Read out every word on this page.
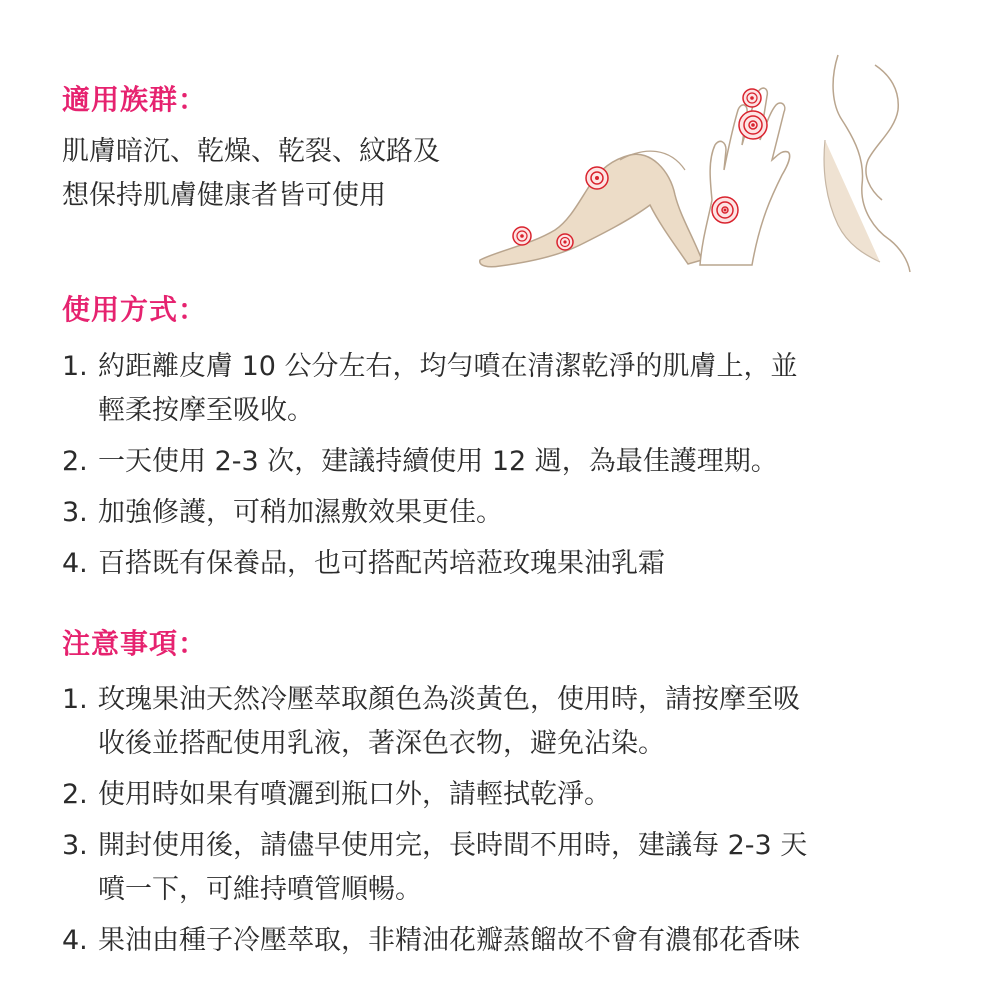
適用族群：
肌膚暗沉、乾燥、乾裂、紋路及
想保持肌膚健康者皆可使用
使用方式：
1. 約距離皮膚 10 公分左右，均勻噴在清潔乾淨的肌膚上，並
輕柔按摩至吸收。
2. 一天使用 2-3 次，建議持續使用 12 週，為最佳護理期。
3. 加強修護，可稍加濕敷效果更佳。
4. 百搭既有保養品，也可搭配芮培蒞玫瑰果油乳霜
注意事項：
1. 玫瑰果油天然冷壓萃取顏色為淡黃色，使用時，請按摩至吸
收後並搭配使用乳液，著深色衣物，避免沾染。
2. 使用時如果有噴灑到瓶口外，請輕拭乾淨。
3. 開封使用後，請儘早使用完，長時間不用時，建議每 2-3 天
噴一下，可維持噴管順暢。
4. 果油由種子冷壓萃取，非精油花瓣蒸餾故不會有濃郁花香味
